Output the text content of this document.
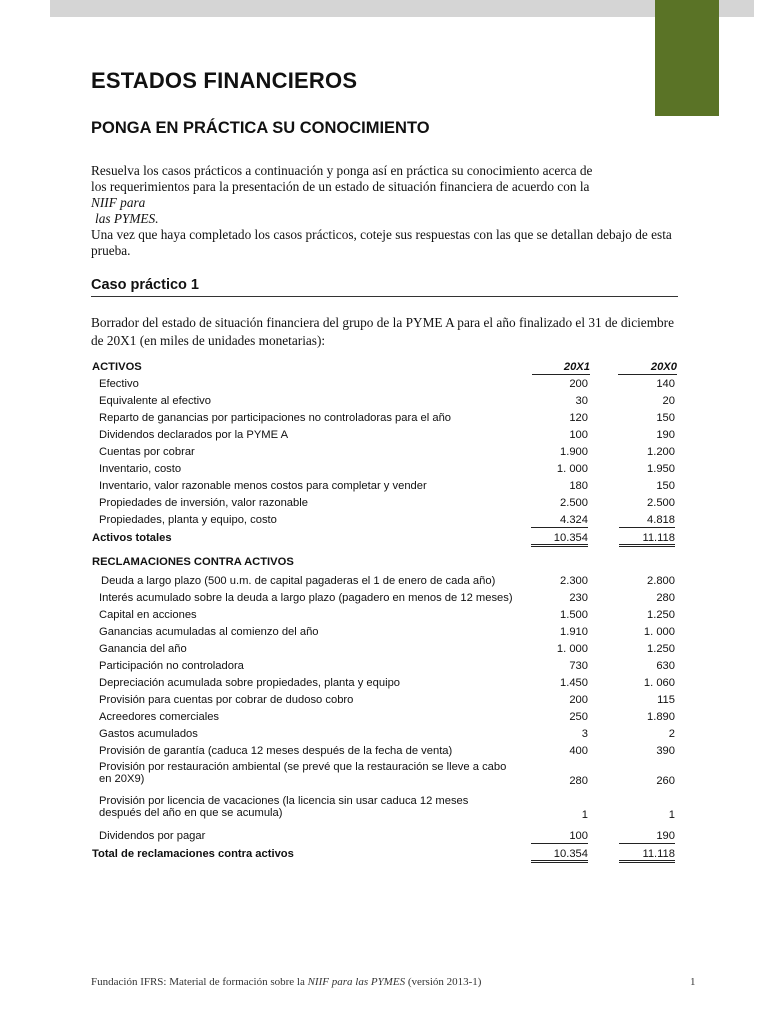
ESTADOS FINANCIEROS
PONGA EN PRÁCTICA SU CONOCIMIENTO
Resuelva los casos prácticos a continuación y ponga así en práctica su conocimiento acerca de
los requerimientos para la presentación de un estado de situación financiera de acuerdo con la
NIIF para
las PYMES.
Una vez que haya completado los casos prácticos, coteje sus respuestas con las que se detallan debajo de esta prueba.
Caso práctico 1
Borrador del estado de situación financiera del grupo de la PYME A para el año finalizado el 31 de diciembre de 20X1 (en miles de unidades monetarias):
ACTIVOS	20X1	20X0
Efectivo	200	140
Equivalente al efectivo	30	20
Reparto de ganancias por participaciones no controladoras para el año	120	150
Dividendos declarados por la PYME A	100	190
Cuentas por cobrar	1.900	1.200
Inventario, costo	1. 000	1.950
Inventario, valor razonable menos costos para completar y vender	180	150
Propiedades de inversión, valor razonable	2.500	2.500
Propiedades, planta y equipo, costo	4.324	4.818
Activos totales	10.354	11.118
RECLAMACIONES CONTRA ACTIVOS
Deuda a largo plazo (500 u.m. de capital pagaderas el 1 de enero de cada año)	2.300	2.800
Interés acumulado sobre la deuda a largo plazo (pagadero en menos de 12 meses)	230	280
Capital en acciones	1.500	1.250
Ganancias acumuladas al comienzo del año	1.910	1. 000
Ganancia del año	1. 000	1.250
Participación no controladora	730	630
Depreciación acumulada sobre propiedades, planta y equipo	1.450	1. 060
Provisión para cuentas por cobrar de dudoso cobro	200	115
Acreedores comerciales	250	1.890
Gastos acumulados	3	2
Provisión de garantía (caduca 12 meses después de la fecha de venta)	400	390
Provisión por restauración ambiental (se prevé que la restauración se lleve a cabo en 20X9)	280	260
Provisión por licencia de vacaciones (la licencia sin usar caduca 12 meses después del año en que se acumula)	1	1
Dividendos por pagar	100	190
Total de reclamaciones contra activos	10.354	11.118
Fundación IFRS: Material de formación sobre la NIIF para las PYMES (versión 2013-1)	1
